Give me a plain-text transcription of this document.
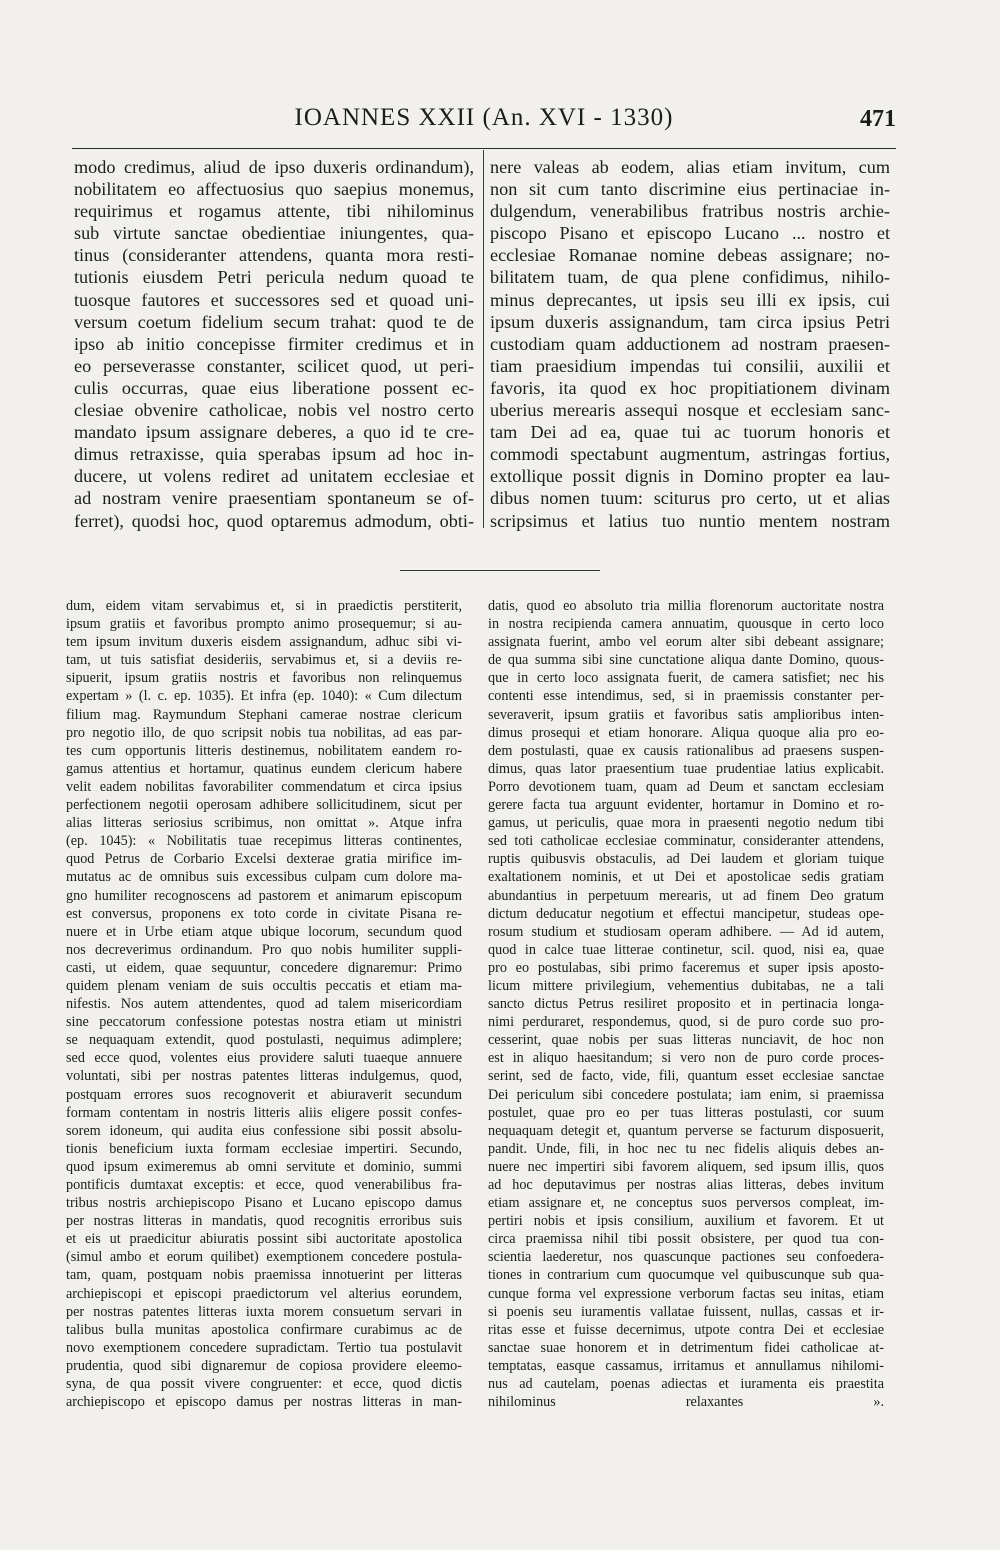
IOANNES XXII (An. XVI - 1330)	471

modo credimus, aliud de ipso duxeris ordinandum),

nobilitatem eo affectuosius quo saepius monemus,

requirimus et rogamus attente, tibi nihilominus

sub virtute sanctae obedientiae iniungentes, qua-

tinus (consideranter attendens, quanta mora resti-

tutionis eiusdem Petri pericula nedum quoad te

tuosque fautores et successores sed et quoad uni-

versum coetum fidelium secum trahat: quod te de

ipso ab initio concepisse firmiter credimus et in

eo perseverasse constanter, scilicet quod, ut peri-

culis occurras, quae eius liberatione possent ec-

clesiae obvenire catholicae, nobis vel nostro certo

mandato ipsum assignare deberes, a quo id te cre-

dimus retraxisse, quia sperabas ipsum ad hoc in-

ducere, ut volens rediret ad unitatem ecclesiae et

ad nostram venire praesentiam spontaneum se of-

ferret), quodsi hoc, quod optaremus admodum, obti-

nere valeas ab eodem, alias etiam invitum, cum

non sit cum tanto discrimine eius pertinaciae in-

dulgendum, venerabilibus fratribus nostris archie-

piscopo Pisano et episcopo Lucano ... nostro et

ecclesiae Romanae nomine debeas assignare; no-

bilitatem tuam, de qua plene confidimus, nihilo-

minus deprecantes, ut ipsis seu illi ex ipsis, cui

ipsum duxeris assignandum, tam circa ipsius Petri

custodiam quam adductionem ad nostram praesen-

tiam praesidium impendas tui consilii, auxilii et

favoris, ita quod ex hoc propitiationem divinam

uberius merearis assequi nosque et ecclesiam sanc-

tam Dei ad ea, quae tui ac tuorum honoris et

commodi spectabunt augmentum, astringas fortius,

extollique possit dignis in Domino propter ea lau-

dibus nomen tuum: sciturus pro certo, ut et alias

scripsimus et latius tuo nuntio mentem nostram

dum, eidem vitam servabimus et, si in praedictis perstiterit,

ipsum gratiis et favoribus prompto animo prosequemur; si au-

tem ipsum invitum duxeris eisdem assignandum, adhuc sibi vi-

tam, ut tuis satisfiat desideriis, servabimus et, si a deviis re-

sipuerit, ipsum gratiis nostris et favoribus non relinquemus

expertam » (l. c. ep. 1035). Et infra (ep. 1040): « Cum dilectum

filium mag. Raymundum Stephani camerae nostrae clericum

pro negotio illo, de quo scripsit nobis tua nobilitas, ad eas par-

tes cum opportunis litteris destinemus, nobilitatem eandem ro-

gamus attentius et hortamur, quatinus eundem clericum habere

velit eadem nobilitas favorabiliter commendatum et circa ipsius

perfectionem negotii operosam adhibere sollicitudinem, sicut per

alias litteras seriosius scribimus, non omittat ». Atque infra

(ep. 1045): « Nobilitatis tuae recepimus litteras continentes,

quod Petrus de Corbario Excelsi dexterae gratia mirifice im-

mutatus ac de omnibus suis excessibus culpam cum dolore ma-

gno humiliter recognoscens ad pastorem et animarum episcopum

est conversus, proponens ex toto corde in civitate Pisana re-

nuere et in Urbe etiam atque ubique locorum, secundum quod

nos decreverimus ordinandum. Pro quo nobis humiliter suppli-

casti, ut eidem, quae sequuntur, concedere dignaremur: Primo

quidem plenam veniam de suis occultis peccatis et etiam ma-

nifestis. Nos autem attendentes, quod ad talem misericordiam

sine peccatorum confessione potestas nostra etiam ut ministri

se nequaquam extendit, quod postulasti, nequimus adimplere;

sed ecce quod, volentes eius providere saluti tuaeque annuere

voluntati, sibi per nostras patentes litteras indulgemus, quod,

postquam errores suos recognoverit et abiuraverit secundum

formam contentam in nostris litteris aliis eligere possit confes-

sorem idoneum, qui audita eius confessione sibi possit absolu-

tionis beneficium iuxta formam ecclesiae impertiri. Secundo,

quod ipsum eximeremus ab omni servitute et dominio, summi

pontificis dumtaxat exceptis: et ecce, quod venerabilibus fra-

tribus nostris archiepiscopo Pisano et Lucano episcopo damus

per nostras litteras in mandatis, quod recognitis erroribus suis

et eis ut praedicitur abiuratis possint sibi auctoritate apostolica

(simul ambo et eorum quilibet) exemptionem concedere postula-

tam, quam, postquam nobis praemissa innotuerint per litteras

archiepiscopi et episcopi praedictorum vel alterius eorundem,

per nostras patentes litteras iuxta morem consuetum servari in

talibus bulla munitas apostolica confirmare curabimus ac de

novo exemptionem concedere supradictam. Tertio tua postulavit

prudentia, quod sibi dignaremur de copiosa providere eleemo-

syna, de qua possit vivere congruenter: et ecce, quod dictis

archiepiscopo et episcopo damus per nostras litteras in man-

datis, quod eo absoluto tria millia florenorum auctoritate nostra

in nostra recipienda camera annuatim, quousque in certo loco

assignata fuerint, ambo vel eorum alter sibi debeant assignare;

de qua summa sibi sine cunctatione aliqua dante Domino, quous-

que in certo loco assignata fuerit, de camera satisfiet; nec his

contenti esse intendimus, sed, si in praemissis constanter per-

severaverit, ipsum gratiis et favoribus satis amplioribus inten-

dimus prosequi et etiam honorare. Aliqua quoque alia pro eo-

dem postulasti, quae ex causis rationalibus ad praesens suspen-

dimus, quas lator praesentium tuae prudentiae latius explicabit.

Porro devotionem tuam, quam ad Deum et sanctam ecclesiam

gerere facta tua arguunt evidenter, hortamur in Domino et ro-

gamus, ut periculis, quae mora in praesenti negotio nedum tibi

sed toti catholicae ecclesiae comminatur, consideranter attendens,

ruptis quibusvis obstaculis, ad Dei laudem et gloriam tuique

exaltationem nominis, et ut Dei et apostolicae sedis gratiam

abundantius in perpetuum merearis, ut ad finem Deo gratum

dictum deducatur negotium et effectui mancipetur, studeas ope-

rosum studium et studiosam operam adhibere. — Ad id autem,

quod in calce tuae litterae continetur, scil. quod, nisi ea, quae

pro eo postulabas, sibi primo faceremus et super ipsis aposto-

licum mittere privilegium, vehementius dubitabas, ne a tali

sancto dictus Petrus resiliret proposito et in pertinacia longa-

nimi perduraret, respondemus, quod, si de puro corde suo pro-

cesserint, quae nobis per suas litteras nunciavit, de hoc non

est in aliquo haesitandum; si vero non de puro corde proces-

serint, sed de facto, vide, fili, quantum esset ecclesiae sanctae

Dei periculum sibi concedere postulata; iam enim, si praemissa

postulet, quae pro eo per tuas litteras postulasti, cor suum

nequaquam detegit et, quantum perverse se facturum disposuerit,

pandit. Unde, fili, in hoc nec tu nec fidelis aliquis debes an-

nuere nec impertiri sibi favorem aliquem, sed ipsum illis, quos

ad hoc deputavimus per nostras alias litteras, debes invitum

etiam assignare et, ne conceptus suos perversos compleat, im-

pertiri nobis et ipsis consilium, auxilium et favorem. Et ut

circa praemissa nihil tibi possit obsistere, per quod tua con-

scientia laederetur, nos quascunque pactiones seu confoedera-

tiones in contrarium cum quocumque vel quibuscunque sub qua-

cunque forma vel expressione verborum factas seu initas, etiam

si poenis seu iuramentis vallatae fuissent, nullas, cassas et ir-

ritas esse et fuisse decernimus, utpote contra Dei et ecclesiae

sanctae suae honorem et in detrimentum fidei catholicae at-

temptatas, easque cassamus, irritamus et annullamus nihilomi-

nus ad cautelam, poenas adiectas et iuramenta eis praestita

nihilominus relaxantes ».
